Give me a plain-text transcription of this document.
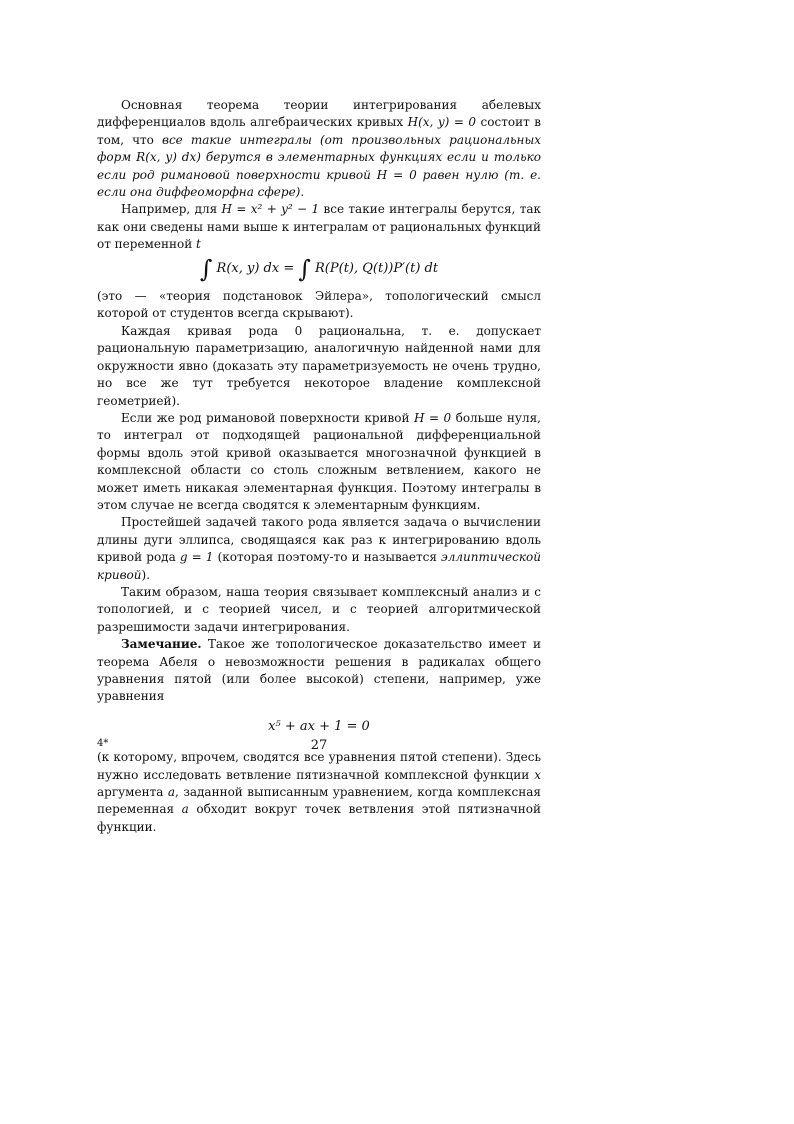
Основная теорема теории интегрирования абелевых дифференциалов вдоль алгебраических кривых H(x, y) = 0 состоит в том, что все такие интегралы (от произвольных рациональных форм R(x, y) dx) берутся в элементарных функциях если и только если род римановой поверхности кривой H = 0 равен нулю (т. е. если она диффеоморфна сфере).

Например, для H = x² + y² − 1 все такие интегралы берутся, так как они сведены нами выше к интегралам от рациональных функций от переменной t

∫ R(x, y) dx = ∫ R(P(t), Q(t))P′(t) dt

(это — «теория подстановок Эйлера», топологический смысл которой от студентов всегда скрывают).

Каждая кривая рода 0 рациональна, т. е. допускает рациональную параметризацию, аналогичную найденной нами для окружности явно (доказать эту параметризуемость не очень трудно, но все же тут требуется некоторое владение комплексной геометрией).

Если же род римановой поверхности кривой H = 0 больше нуля, то интеграл от подходящей рациональной дифференциальной формы вдоль этой кривой оказывается многозначной функцией в комплексной области со столь сложным ветвлением, какого не может иметь никакая элементарная функция. Поэтому интегралы в этом случае не всегда сводятся к элементарным функциям.

Простейшей задачей такого рода является задача о вычислении длины дуги эллипса, сводящаяся как раз к интегрированию вдоль кривой рода g = 1 (которая поэтому-то и называется эллиптической кривой).

Таким образом, наша теория связывает комплексный анализ и с топологией, и с теорией чисел, и с теорией алгоритмической разрешимости задачи интегрирования.

Замечание. Такое же топологическое доказательство имеет и теорема Абеля о невозможности решения в радикалах общего уравнения пятой (или более высокой) степени, например, уже уравнения

x⁵ + ax + 1 = 0

(к которому, впрочем, сводятся все уравнения пятой степени). Здесь нужно исследовать ветвление пятизначной комплексной функции x аргумента a, заданной выписанным уравнением, когда комплексная переменная a обходит вокруг точек ветвления этой пятизначной функции.

4*	27
